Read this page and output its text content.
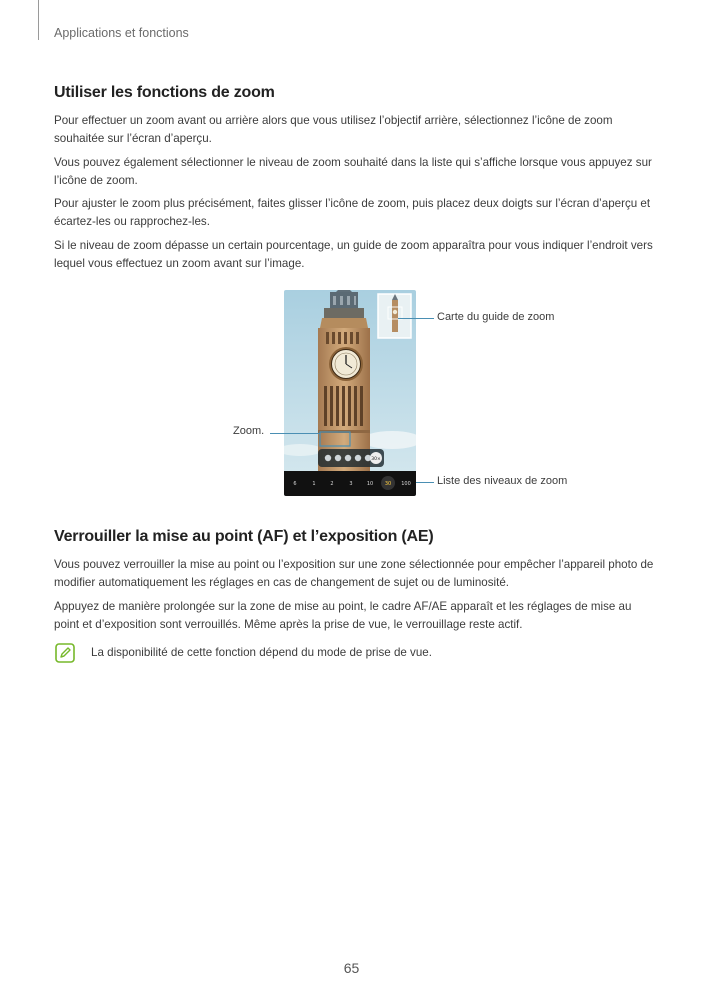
Applications et fonctions
Utiliser les fonctions de zoom

Pour effectuer un zoom avant ou arrière alors que vous utilisez l’objectif arrière, sélectionnez l’icône de zoom souhaitée sur l’écran d’aperçu.

Vous pouvez également sélectionner le niveau de zoom souhaité dans la liste qui s’affiche lorsque vous appuyez sur l’icône de zoom.

Pour ajuster le zoom plus précisément, faites glisser l’icône de zoom, puis placez deux doigts sur l’écran d’aperçu et écartez-les ou rapprochez-les.

Si le niveau de zoom dépasse un certain pourcentage, un guide de zoom apparaîtra pour vous indiquer l’endroit vers lequel vous effectuez un zoom avant sur l’image.

30×
6	1	2	3	10 30 100
Carte du guide de zoom
Zoom.
Liste des niveaux de zoom
Verrouiller la mise au point (AF) et l’exposition (AE)

Vous pouvez verrouiller la mise au point ou l’exposition sur une zone sélectionnée pour empêcher l’appareil photo de modifier automatiquement les réglages en cas de changement de sujet ou de luminosité.

Appuyez de manière prolongée sur la zone de mise au point, le cadre AF/AE apparaît et les réglages de mise au point et d’exposition sont verrouillés. Même après la prise de vue, le verrouillage reste actif.

La disponibilité de cette fonction dépend du mode de prise de vue.
65
